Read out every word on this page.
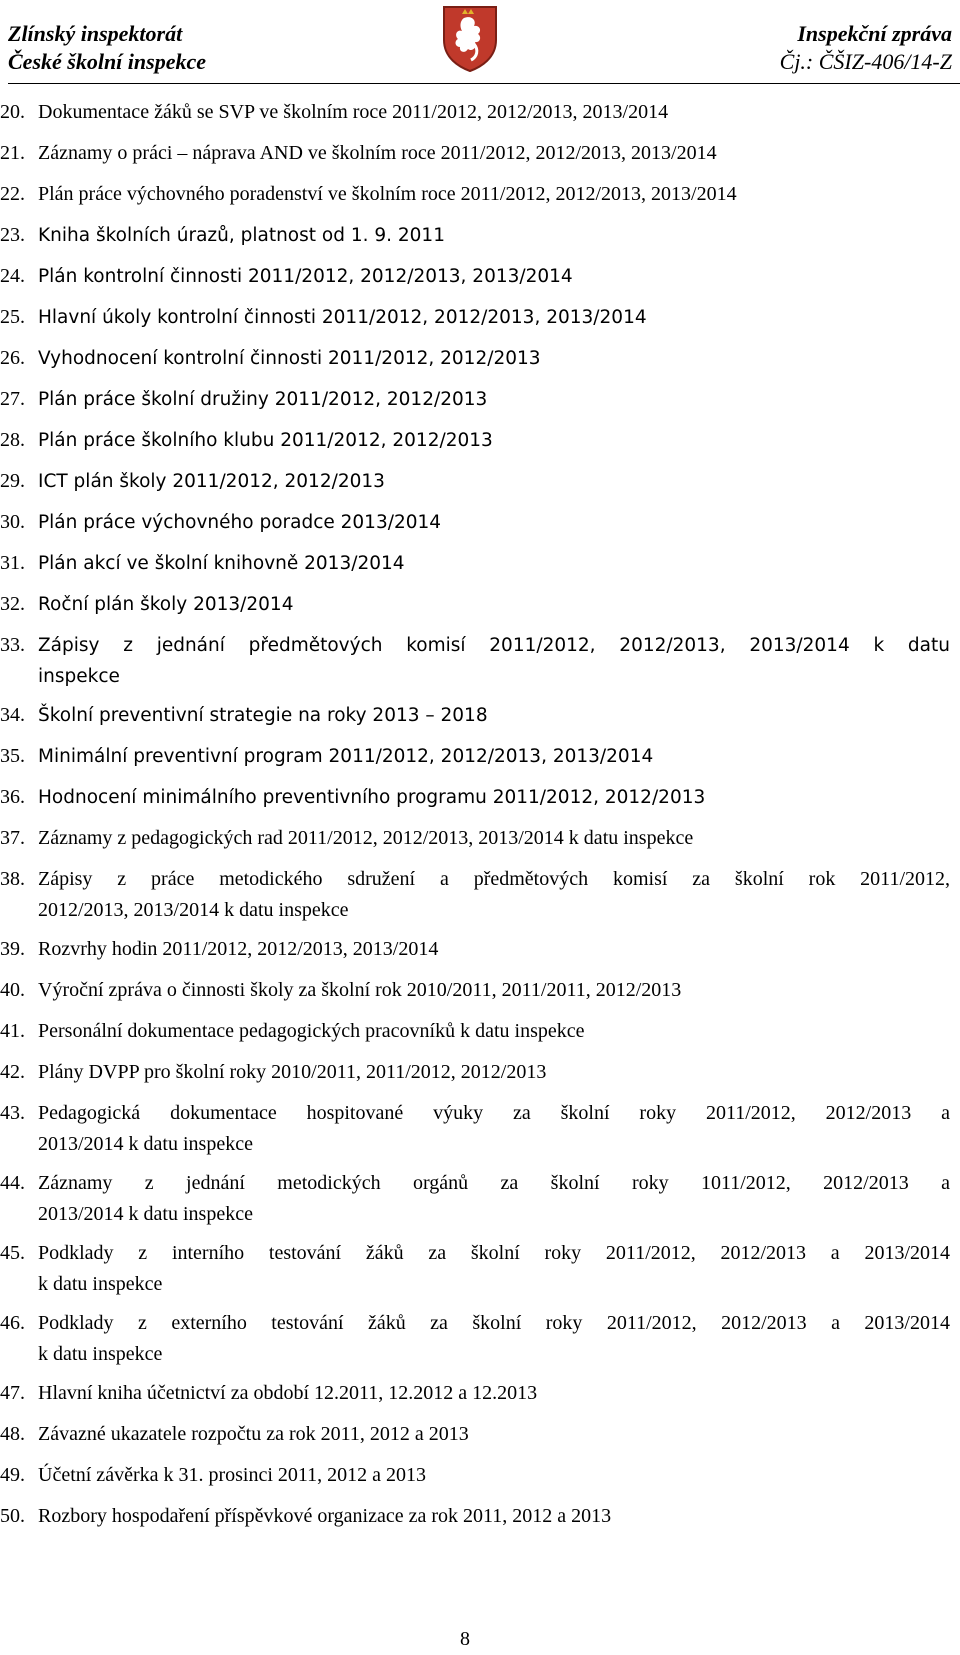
Zlínský inspektorát
České školní inspekce
Inspekční zpráva
Čj.: ČŠIZ-406/14-Z
20. Dokumentace žáků se SVP ve školním roce 2011/2012, 2012/2013, 2013/2014
21. Záznamy o práci – náprava AND ve školním roce 2011/2012, 2012/2013, 2013/2014
22. Plán práce výchovného poradenství ve školním roce 2011/2012, 2012/2013, 2013/2014
23. Kniha školních úrazů, platnost od 1. 9. 2011
24. Plán kontrolní činnosti 2011/2012, 2012/2013, 2013/2014
25. Hlavní úkoly kontrolní činnosti 2011/2012, 2012/2013, 2013/2014
26. Vyhodnocení kontrolní činnosti 2011/2012, 2012/2013
27. Plán práce školní družiny 2011/2012, 2012/2013
28. Plán práce školního klubu 2011/2012, 2012/2013
29. ICT plán školy 2011/2012, 2012/2013
30. Plán práce výchovného poradce 2013/2014
31. Plán akcí ve školní knihovně 2013/2014
32. Roční plán školy 2013/2014
33. Zápisy z jednání předmětových komisí 2011/2012, 2012/2013, 2013/2014 k datu
inspekce
34. Školní preventivní strategie na roky 2013 – 2018
35. Minimální preventivní program 2011/2012, 2012/2013, 2013/2014
36. Hodnocení minimálního preventivního programu 2011/2012, 2012/2013
37. Záznamy z pedagogických rad 2011/2012, 2012/2013, 2013/2014 k datu inspekce
38. Zápisy z práce metodického sdružení a předmětových komisí za školní rok 2011/2012,
2012/2013, 2013/2014 k datu inspekce
39. Rozvrhy hodin 2011/2012, 2012/2013, 2013/2014
40. Výroční zpráva o činnosti školy za školní rok 2010/2011, 2011/2011, 2012/2013
41. Personální dokumentace pedagogických pracovníků k datu inspekce
42. Plány DVPP pro školní roky 2010/2011, 2011/2012, 2012/2013
43. Pedagogická dokumentace hospitované výuky za školní roky 2011/2012, 2012/2013 a
2013/2014 k datu inspekce
44. Záznamy z jednání metodických orgánů za školní roky 1011/2012, 2012/2013 a
2013/2014 k datu inspekce
45. Podklady z interního testování žáků za školní roky 2011/2012, 2012/2013 a 2013/2014
k datu inspekce
46. Podklady z externího testování žáků za školní roky 2011/2012, 2012/2013 a 2013/2014
k datu inspekce
47. Hlavní kniha účetnictví za období 12.2011, 12.2012 a 12.2013
48. Závazné ukazatele rozpočtu za rok 2011, 2012 a 2013
49. Účetní závěrka k 31. prosinci 2011, 2012 a 2013
50. Rozbory hospodaření příspěvkové organizace za rok 2011, 2012 a 2013
8
